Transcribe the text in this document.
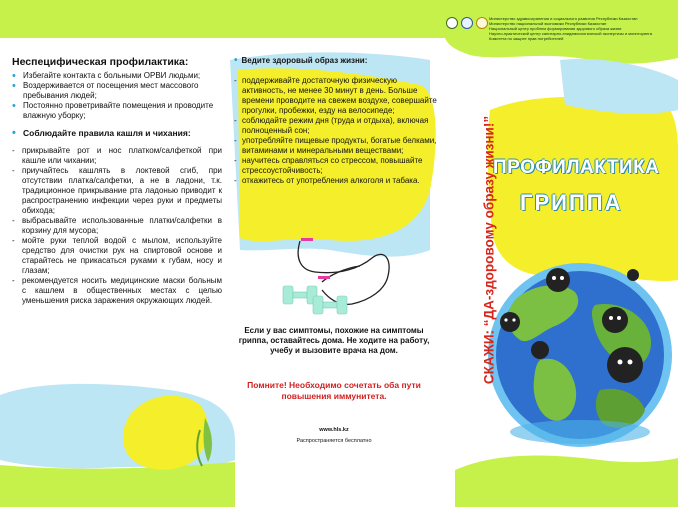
Министерство здравоохранения и социального развития Республики Казахстан
Министерство национальной экономики Республики Казахстан
Национальный центр проблем формирования здорового образа жизни
Научно-практический центр санитарно-эпидемиологической экспертизы и мониторинга
Комитета по защите прав потребителей
Неспецифическая профилактика:
• Избегайте контакта с больными ОРВИ людьми;
• Воздерживается от посещения мест массового пребывания людей;
• Постоянно проветривайте помещения и проводите влажную уборку;
• Соблюдайте правила кашля и чихания:
- прикрывайте рот и нос платком/салфеткой при кашле или чихании;
- приучайтесь кашлять в локтевой сгиб, при отсутствии платка/салфетки, а не в ладони, т.к. традиционное прикрывание рта ладонью приводит к распространению инфекции через руки и предметы обихода;
- выбрасывайте использованные платки/салфетки в корзину для мусора;
- мойте руки теплой водой с мылом, используйте средство для очистки рук на спиртовой основе и старайтесь не прикасаться руками к губам, носу и глазам;
- рекомендуется носить медицинские маски больным с кашлем в общественных местах с целью уменьшения риска заражения окружающих людей.
• Ведите здоровый образ жизни:
- поддерживайте достаточную физическую активность, не менее 30 минут в день. Больше времени проводите на свежем воздухе, совершайте прогулки, пробежки, езду на велосипеде;
- соблюдайте режим дня (труда и отдыха), включая полноценный сон;
- употребляйте пищевые продукты, богатые белками, витаминами и минеральными веществами;
- научитесь справляться со стрессом, повышайте стрессоустойчивость;
- откажитесь от употребления алкоголя и табака.
Если у вас симптомы, похожие на симптомы гриппа, оставайтесь дома. Не ходите на работу, учебу и вызовите врача на дом.
Помните! Необходимо сочетать оба пути повышения иммунитета.
www.hls.kz
Распространяется бесплатно
СКАЖИ: “ДА-здоровому образу жизни!”
ПРОФИЛАКТИКА
ГРИППА
